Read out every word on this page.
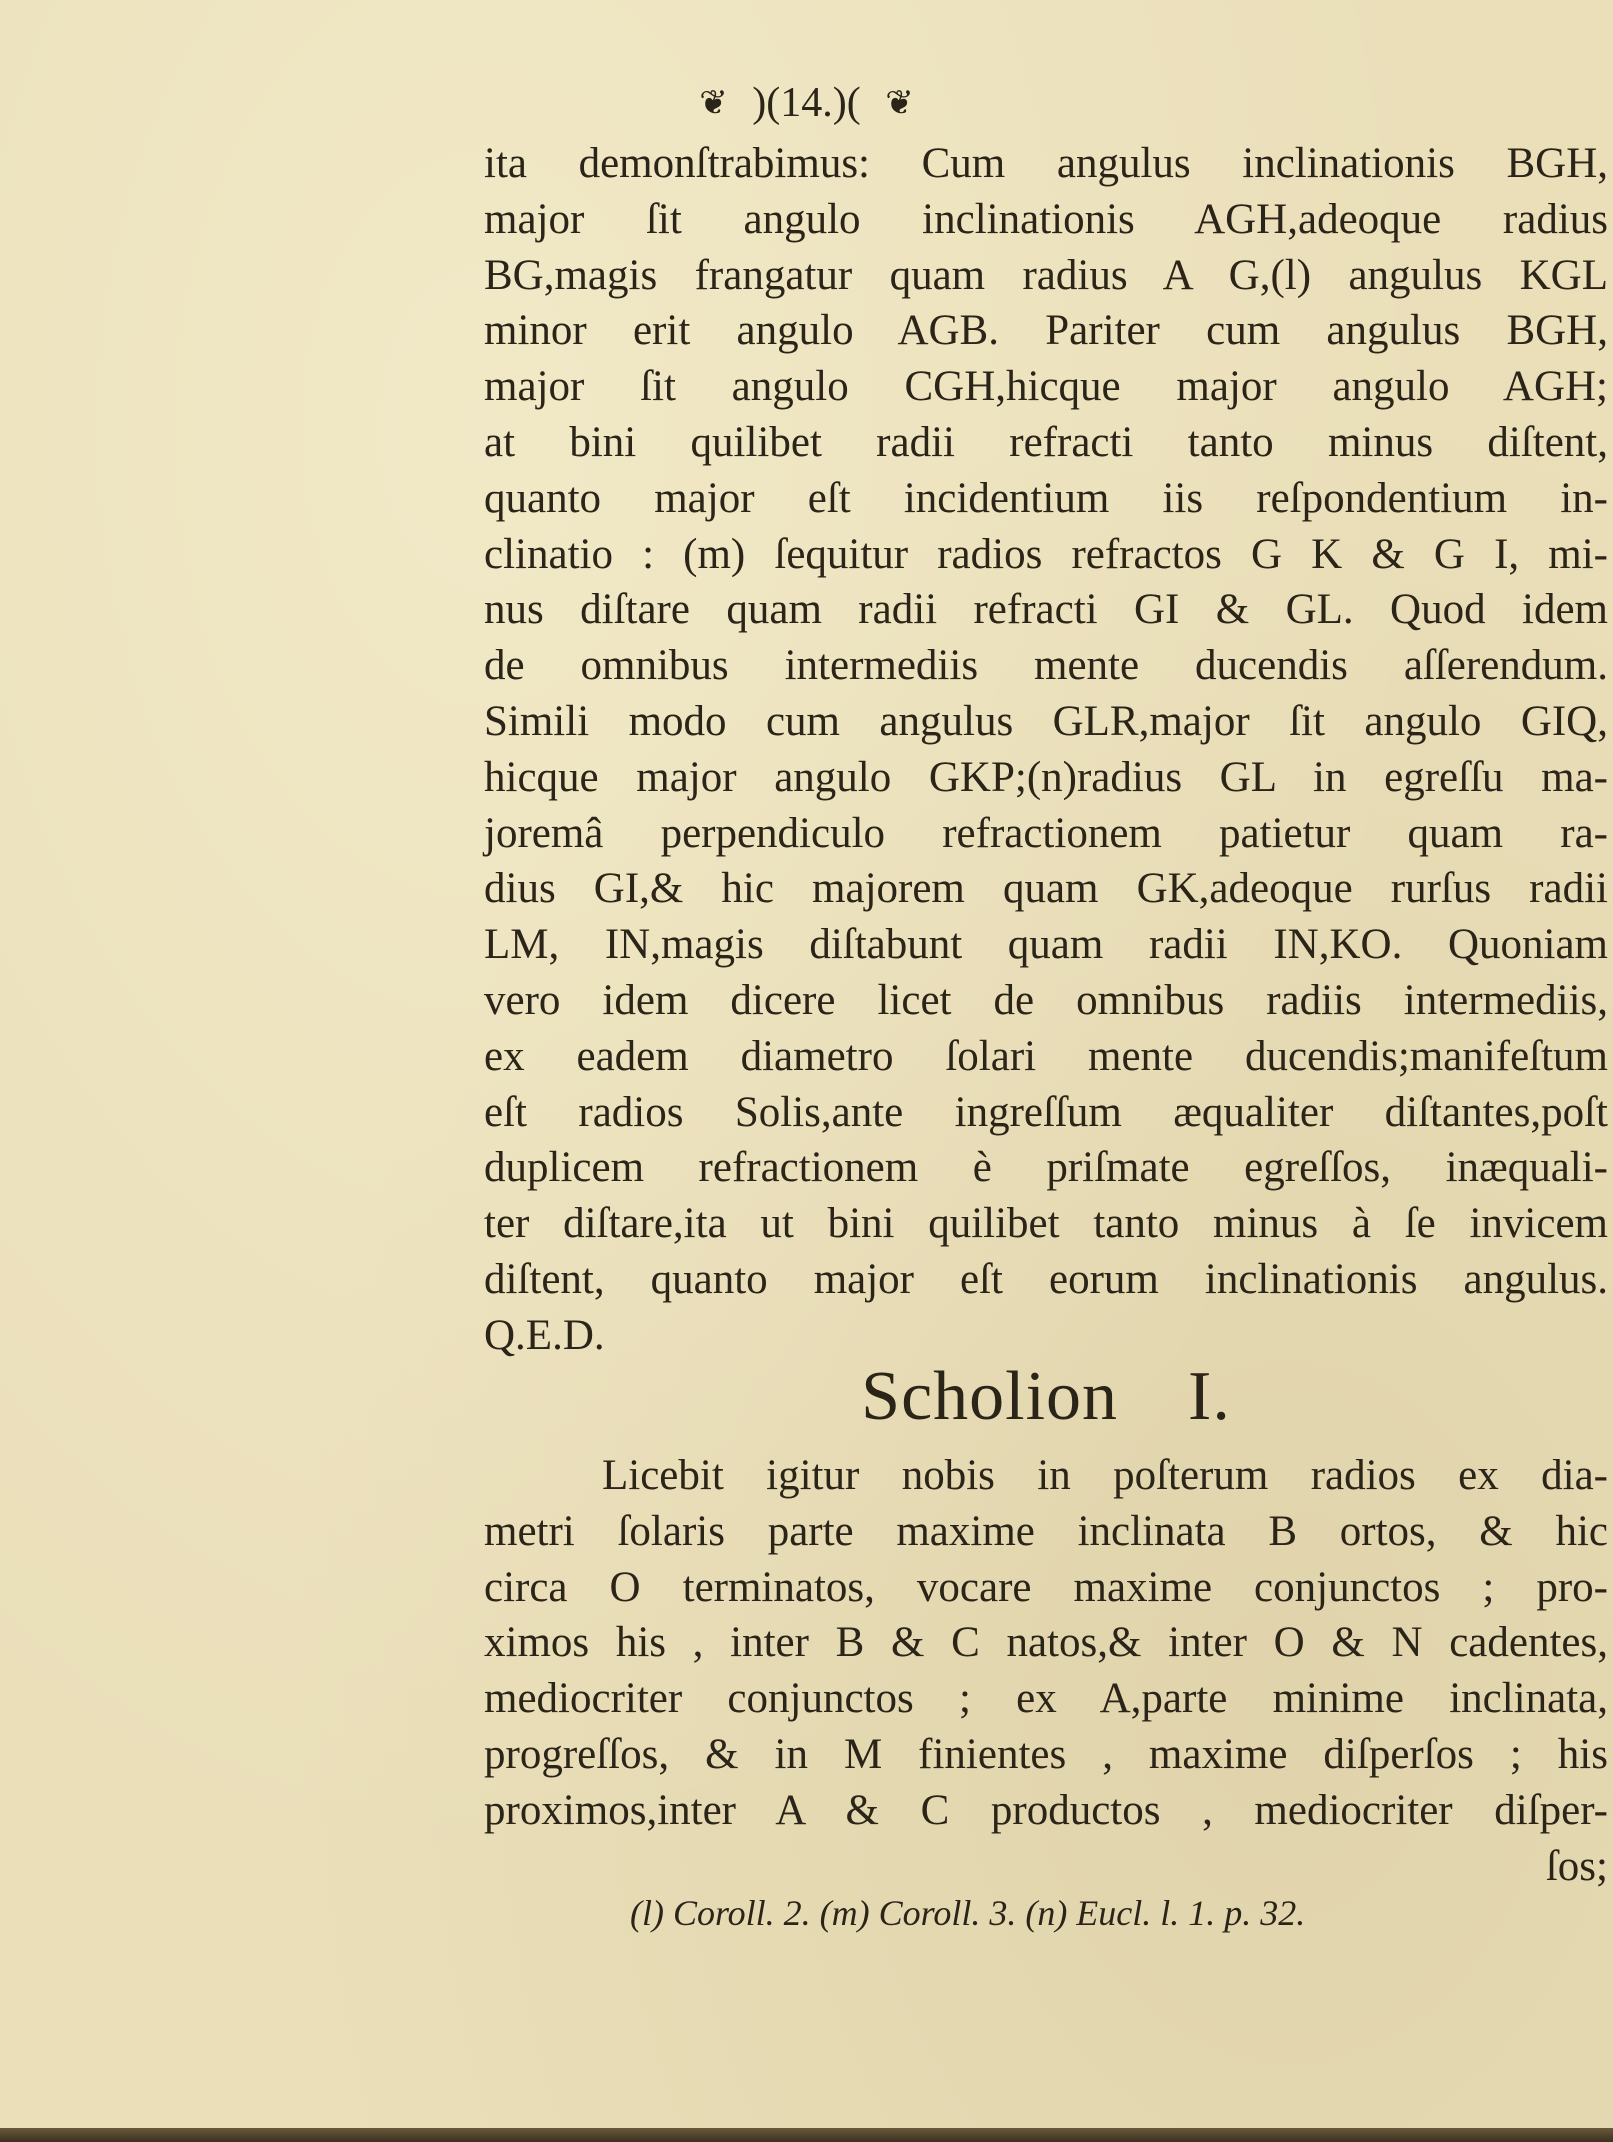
❦ )(14.)( ❦
ita demonſtrabimus: Cum angulus inclinationis BGH,
major ſit angulo inclinationis AGH,adeoque radius
BG,magis frangatur quam radius A G,(l) angulus KGL
minor erit angulo AGB. Pariter cum angulus BGH,
major ſit angulo CGH,hicque major angulo AGH;
at bini quilibet radii refracti tanto minus diſtent,
quanto major eſt incidentium iis reſpondentium in-
clinatio : (m) ſequitur radios refractos G K & G I, mi-
nus diſtare quam radii refracti GI & GL. Quod idem
de omnibus intermediis mente ducendis aſſerendum.
Simili modo cum angulus GLR,major ſit angulo GIQ,
hicque major angulo GKP;(n)radius GL in egreſſu ma-
joremâ perpendiculo refractionem patietur quam ra-
dius GI,& hic majorem quam GK,adeoque rurſus radii
LM, IN,magis diſtabunt quam radii IN,KO. Quoniam
vero idem dicere licet de omnibus radiis intermediis,
ex eadem diametro ſolari mente ducendis;manifeſtum
eſt radios Solis,ante ingreſſum æqualiter diſtantes,poſt
duplicem refractionem è priſmate egreſſos, inæquali-
ter diſtare,ita ut bini quilibet tanto minus à ſe invicem
diſtent, quanto major eſt eorum inclinationis angulus.
Q.E.D.
Scholion I.
Licebit igitur nobis in poſterum radios ex dia-
metri ſolaris parte maxime inclinata B ortos, & hic
circa O terminatos, vocare maxime conjunctos ; pro-
ximos his , inter B & C natos,& inter O & N cadentes,
mediocriter conjunctos ; ex A,parte minime inclinata,
progreſſos, & in M finientes , maxime diſperſos ; his
proximos,inter A & C productos , mediocriter diſper-
ſos;
(l) Coroll. 2. (m) Coroll. 3. (n) Eucl. l. 1. p. 32.
